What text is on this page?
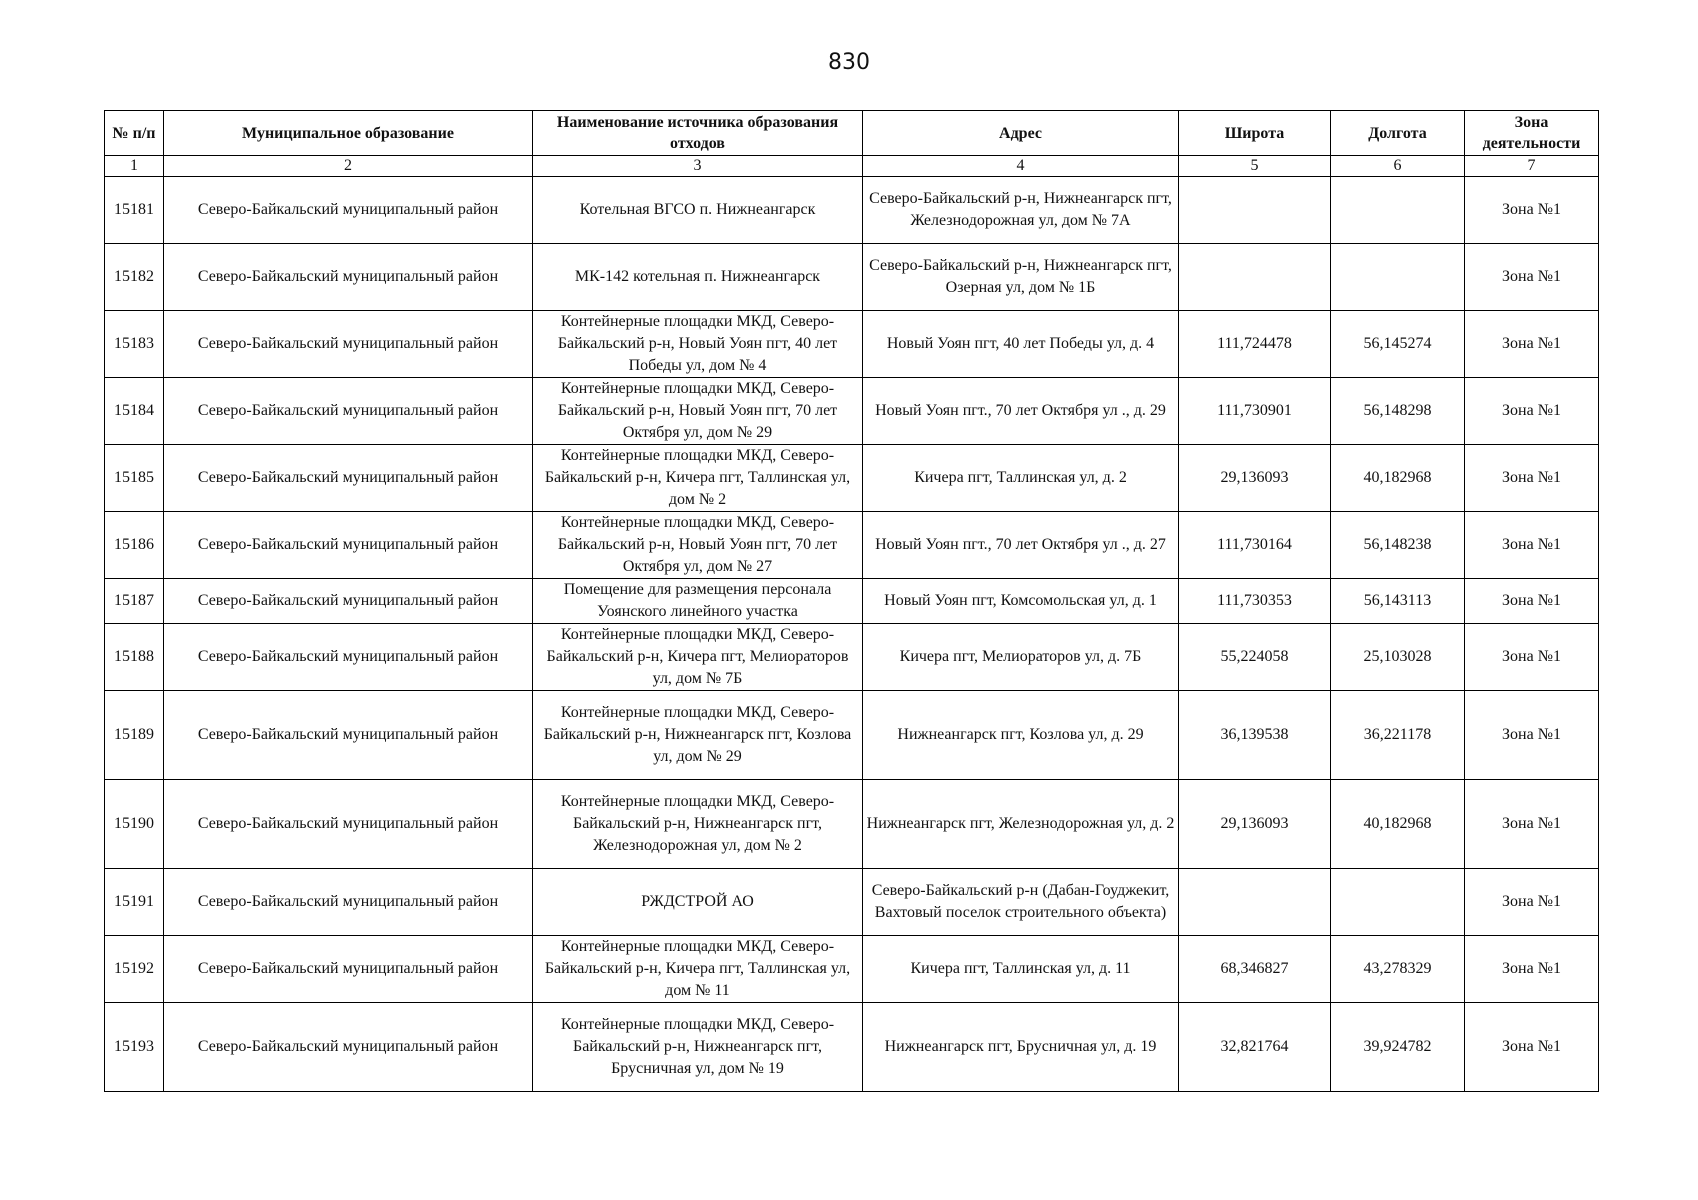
830
№ п/п	Муниципальное образование	Наименование источника образования отходов	Адрес	Широта	Долгота	Зона деятельности
1	2	3	4	5	6	7
15181	Северо-Байкальский муниципальный район	Котельная ВГСО п. Нижнеангарск	Северо-Байкальский р-н, Нижнеангарск пгт, Железнодорожная ул, дом № 7А			Зона №1
15182	Северо-Байкальский муниципальный район	МК-142 котельная п. Нижнеангарск	Северо-Байкальский р-н, Нижнеангарск пгт, Озерная ул, дом № 1Б			Зона №1
15183	Северо-Байкальский муниципальный район	Контейнерные площадки МКД, Северо-Байкальский р-н, Новый Уоян пгт, 40 лет Победы ул, дом № 4	Новый Уоян пгт, 40 лет Победы ул, д. 4	111,724478	56,145274	Зона №1
15184	Северо-Байкальский муниципальный район	Контейнерные площадки МКД, Северо-Байкальский р-н, Новый Уоян пгт, 70 лет Октября ул, дом № 29	Новый Уоян пгт., 70 лет Октября ул ., д. 29	111,730901	56,148298	Зона №1
15185	Северо-Байкальский муниципальный район	Контейнерные площадки МКД, Северо-Байкальский р-н, Кичера пгт, Таллинская ул, дом № 2	Кичера пгт, Таллинская ул, д. 2	29,136093	40,182968	Зона №1
15186	Северо-Байкальский муниципальный район	Контейнерные площадки МКД, Северо-Байкальский р-н, Новый Уоян пгт, 70 лет Октября ул, дом № 27	Новый Уоян пгт., 70 лет Октября ул ., д. 27	111,730164	56,148238	Зона №1
15187	Северо-Байкальский муниципальный район	Помещение для размещения персонала Уоянского линейного участка	Новый Уоян пгт, Комсомольская ул, д. 1	111,730353	56,143113	Зона №1
15188	Северо-Байкальский муниципальный район	Контейнерные площадки МКД, Северо-Байкальский р-н, Кичера пгт, Мелиораторов ул, дом № 7Б	Кичера пгт, Мелиораторов ул, д. 7Б	55,224058	25,103028	Зона №1
15189	Северо-Байкальский муниципальный район	Контейнерные площадки МКД, Северо-Байкальский р-н, Нижнеангарск пгт, Козлова ул, дом № 29	Нижнеангарск пгт, Козлова ул, д. 29	36,139538	36,221178	Зона №1
15190	Северо-Байкальский муниципальный район	Контейнерные площадки МКД, Северо-Байкальский р-н, Нижнеангарск пгт, Железнодорожная ул, дом № 2	Нижнеангарск пгт, Железнодорожная ул, д. 2	29,136093	40,182968	Зона №1
15191	Северо-Байкальский муниципальный район	РЖДСТРОЙ АО	Северо-Байкальский р-н (Дабан-Гоуджекит, Вахтовый поселок строительного объекта)			Зона №1
15192	Северо-Байкальский муниципальный район	Контейнерные площадки МКД, Северо-Байкальский р-н, Кичера пгт, Таллинская ул, дом № 11	Кичера пгт, Таллинская ул, д. 11	68,346827	43,278329	Зона №1
15193	Северо-Байкальский муниципальный район	Контейнерные площадки МКД, Северо-Байкальский р-н, Нижнеангарск пгт, Брусничная ул, дом № 19	Нижнеангарск пгт, Брусничная ул, д. 19	32,821764	39,924782	Зона №1
